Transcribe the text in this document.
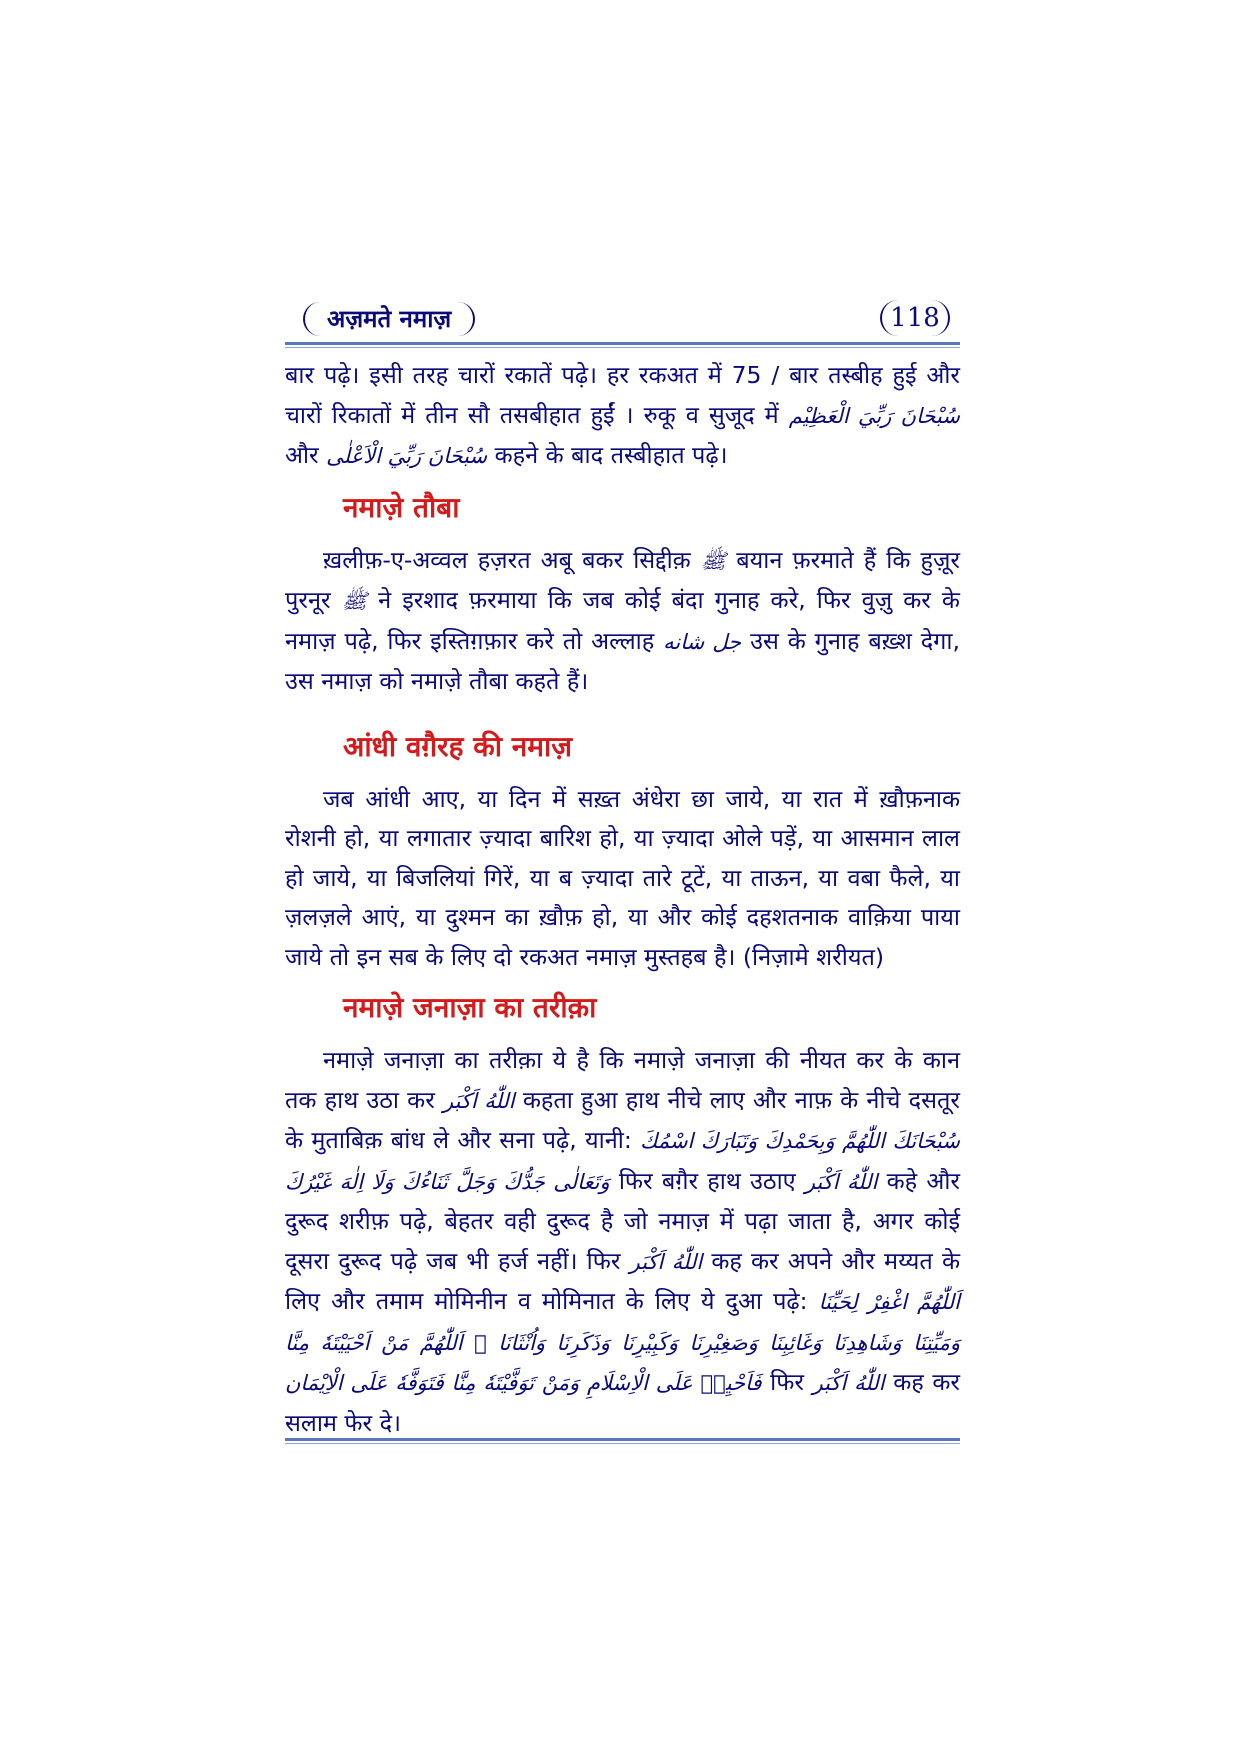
अज़मते नमाज़	118

बार पढ़े। इसी तरह चारों रकातें पढ़े। हर रकअत में 75 / बार तस्बीह हुई और चारों रिकातों में तीन सौ तसबीहात हुईं । रुकू व सुजूद में سُبْحَانَ رَبِّيَ الْعَظِيْم और سُبْحَانَ رَبِّيَ الْاَعْلٰى कहने के बाद तस्बीहात पढ़े।

नमाज़े तौबा

ख़लीफ़-ए-अव्वल हज़रत अबू बकर सिद्दीक़ ﷺ बयान फ़रमाते हैं कि हुज़ूर पुरनूर ﷺ ने इरशाद फ़रमाया कि जब कोई बंदा गुनाह करे, फिर वुज़ु कर के नमाज़ पढ़े, फिर इस्तिग़फ़ार करे तो अल्लाह جل شانه उस के गुनाह बख़्श देगा, उस नमाज़ को नमाज़े तौबा कहते हैं।

आंधी वग़ैरह की नमाज़

जब आंधी आए, या दिन में सख़्त अंधेरा छा जाये, या रात में ख़ौफ़नाक रोशनी हो, या लगातार ज़्यादा बारिश हो, या ज़्यादा ओले पड़ें, या आसमान लाल हो जाये, या बिजलियां गिरें, या ब ज़्यादा तारे टूटें, या ताऊन, या वबा फैले, या ज़लज़ले आएं, या दुश्मन का ख़ौफ़ हो, या और कोई दहशतनाक वाक़िया पाया जाये तो इन सब के लिए दो रकअत नमाज़ मुस्तहब है। (निज़ामे शरीयत)

नमाज़े जनाज़ा का तरीक़ा

नमाज़े जनाज़ा का तरीक़ा ये है कि नमाज़े जनाज़ा की नीयत कर के कान तक हाथ उठा कर اللّٰهُ اَكْبَر कहता हुआ हाथ नीचे लाए और नाफ़ के नीचे दसतूर के मुताबिक़ बांध ले और सना पढ़े, यानी: سُبْحَانَكَ اللّٰهُمَّ وَبِحَمْدِكَ وَتَبَارَكَ اسْمُكَ وَتَعَالٰى جَدُّكَ وَجَلَّ ثَنَاءُكَ وَلَا اِلٰهَ غَيْرُكَ फिर बग़ैर हाथ उठाए اللّٰهُ اَكْبَر कहे और दुरूद शरीफ़ पढ़े, बेहतर वही दुरूद है जो नमाज़ में पढ़ा जाता है, अगर कोई दूसरा दुरूद पढ़े जब भी हर्ज नहीं। फिर اللّٰهُ اَكْبَر कह कर अपने और मय्यत के लिए और तमाम मोमिनीन व मोमिनात के लिए ये दुआ पढ़े: اَللّٰهُمَّ اغْفِرْ لِحَيِّنَا وَمَيِّتِنَا وَشَاهِدِنَا وَغَائِبِنَا وَصَغِيْرِنَا وَكَبِيْرِنَا وَذَكَرِنَا وَاُنْثَانَا ۔ اَللّٰهُمَّ مَنْ اَحْيَيْتَهٗ مِنَّا فَاَحْيِهٖ عَلَى الْاِسْلَامِ وَمَنْ تَوَفَّيْتَهٗ مِنَّا فَتَوَفَّهٗ عَلَى الْاِيْمَان फिर اللّٰهُ اَكْبَر कह कर सलाम फेर दे।
